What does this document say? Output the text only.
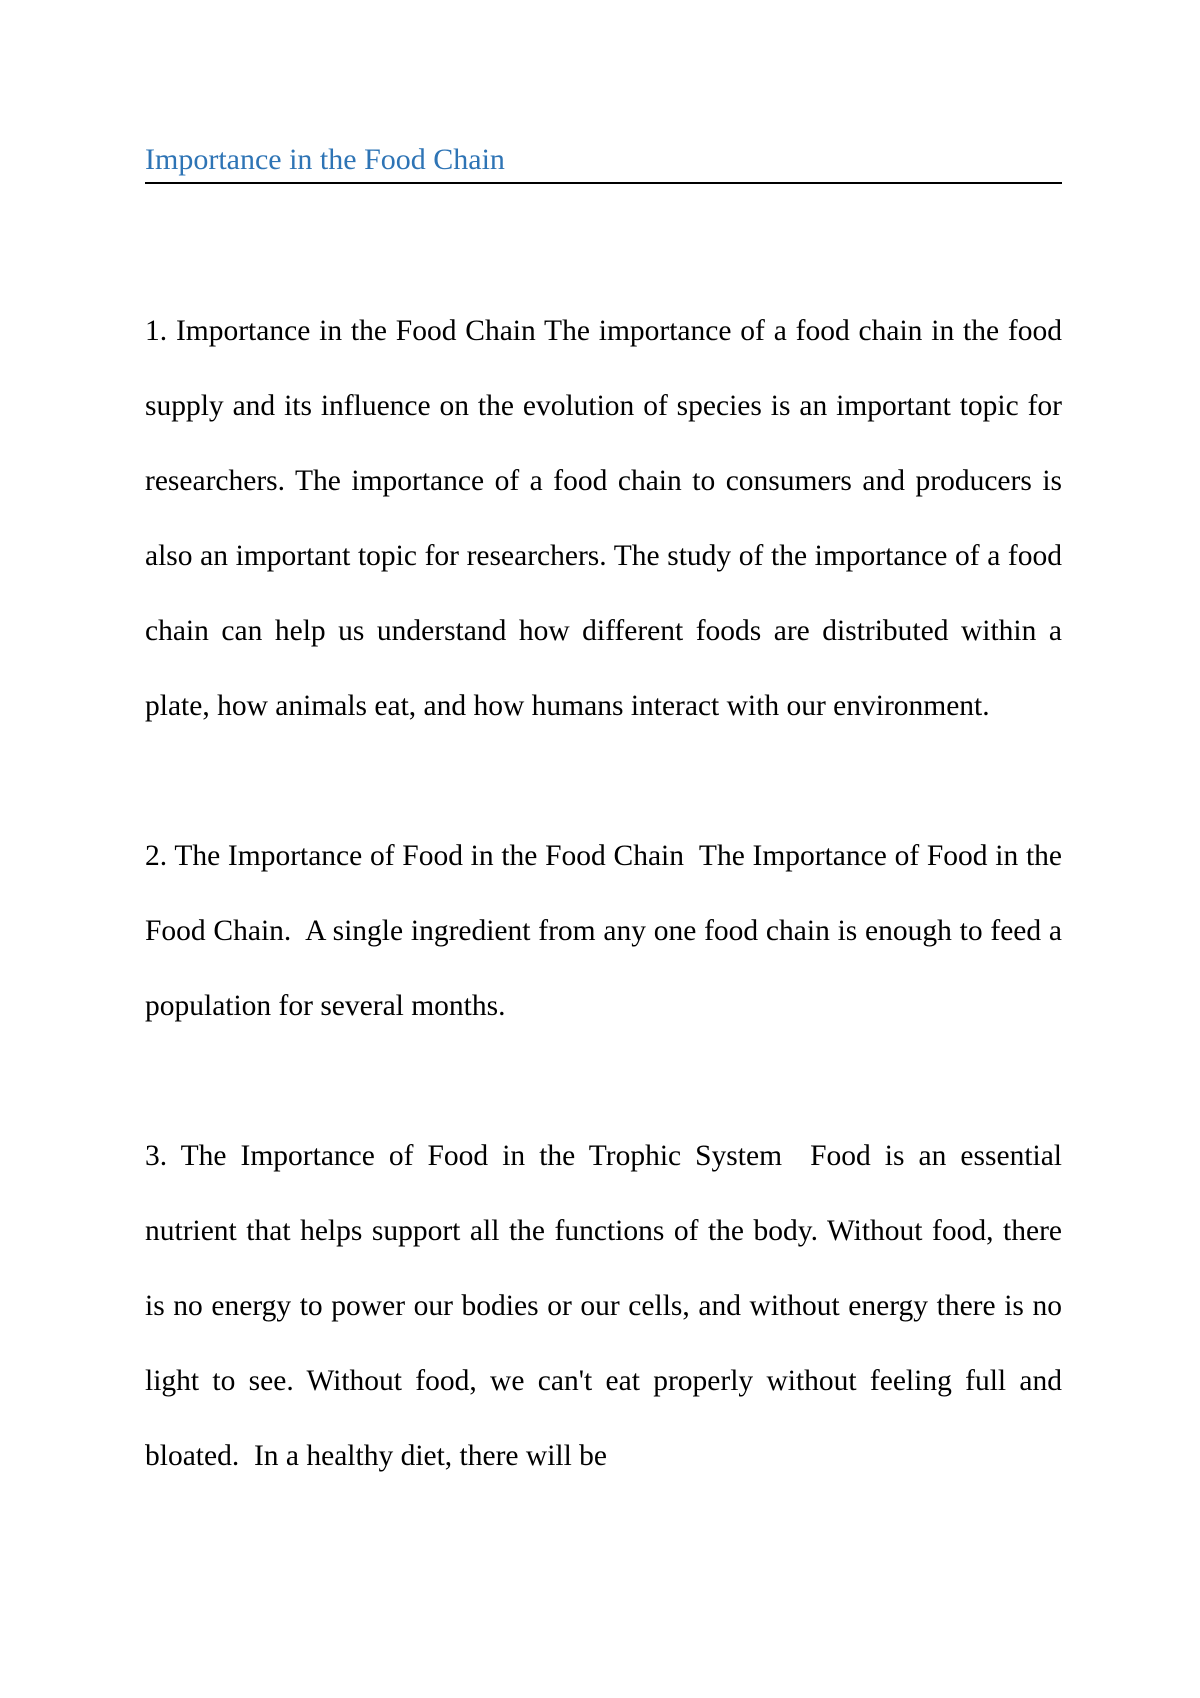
Importance in the Food Chain

1. Importance in the Food Chain The importance of a food chain in the food supply and its influence on the evolution of species is an important topic for researchers. The importance of a food chain to consumers and producers is also an important topic for researchers. The study of the importance of a food chain can help us understand how different foods are distributed within a plate, how animals eat, and how humans interact with our environment.

2. The Importance of Food in the Food Chain  The Importance of Food in the Food Chain.  A single ingredient from any one food chain is enough to feed a population for several months.

3. The Importance of Food in the Trophic System  Food is an essential nutrient that helps support all the functions of the body. Without food, there is no energy to power our bodies or our cells, and without energy there is no light to see. Without food, we can't eat properly without feeling full and bloated.  In a healthy diet, there will be
